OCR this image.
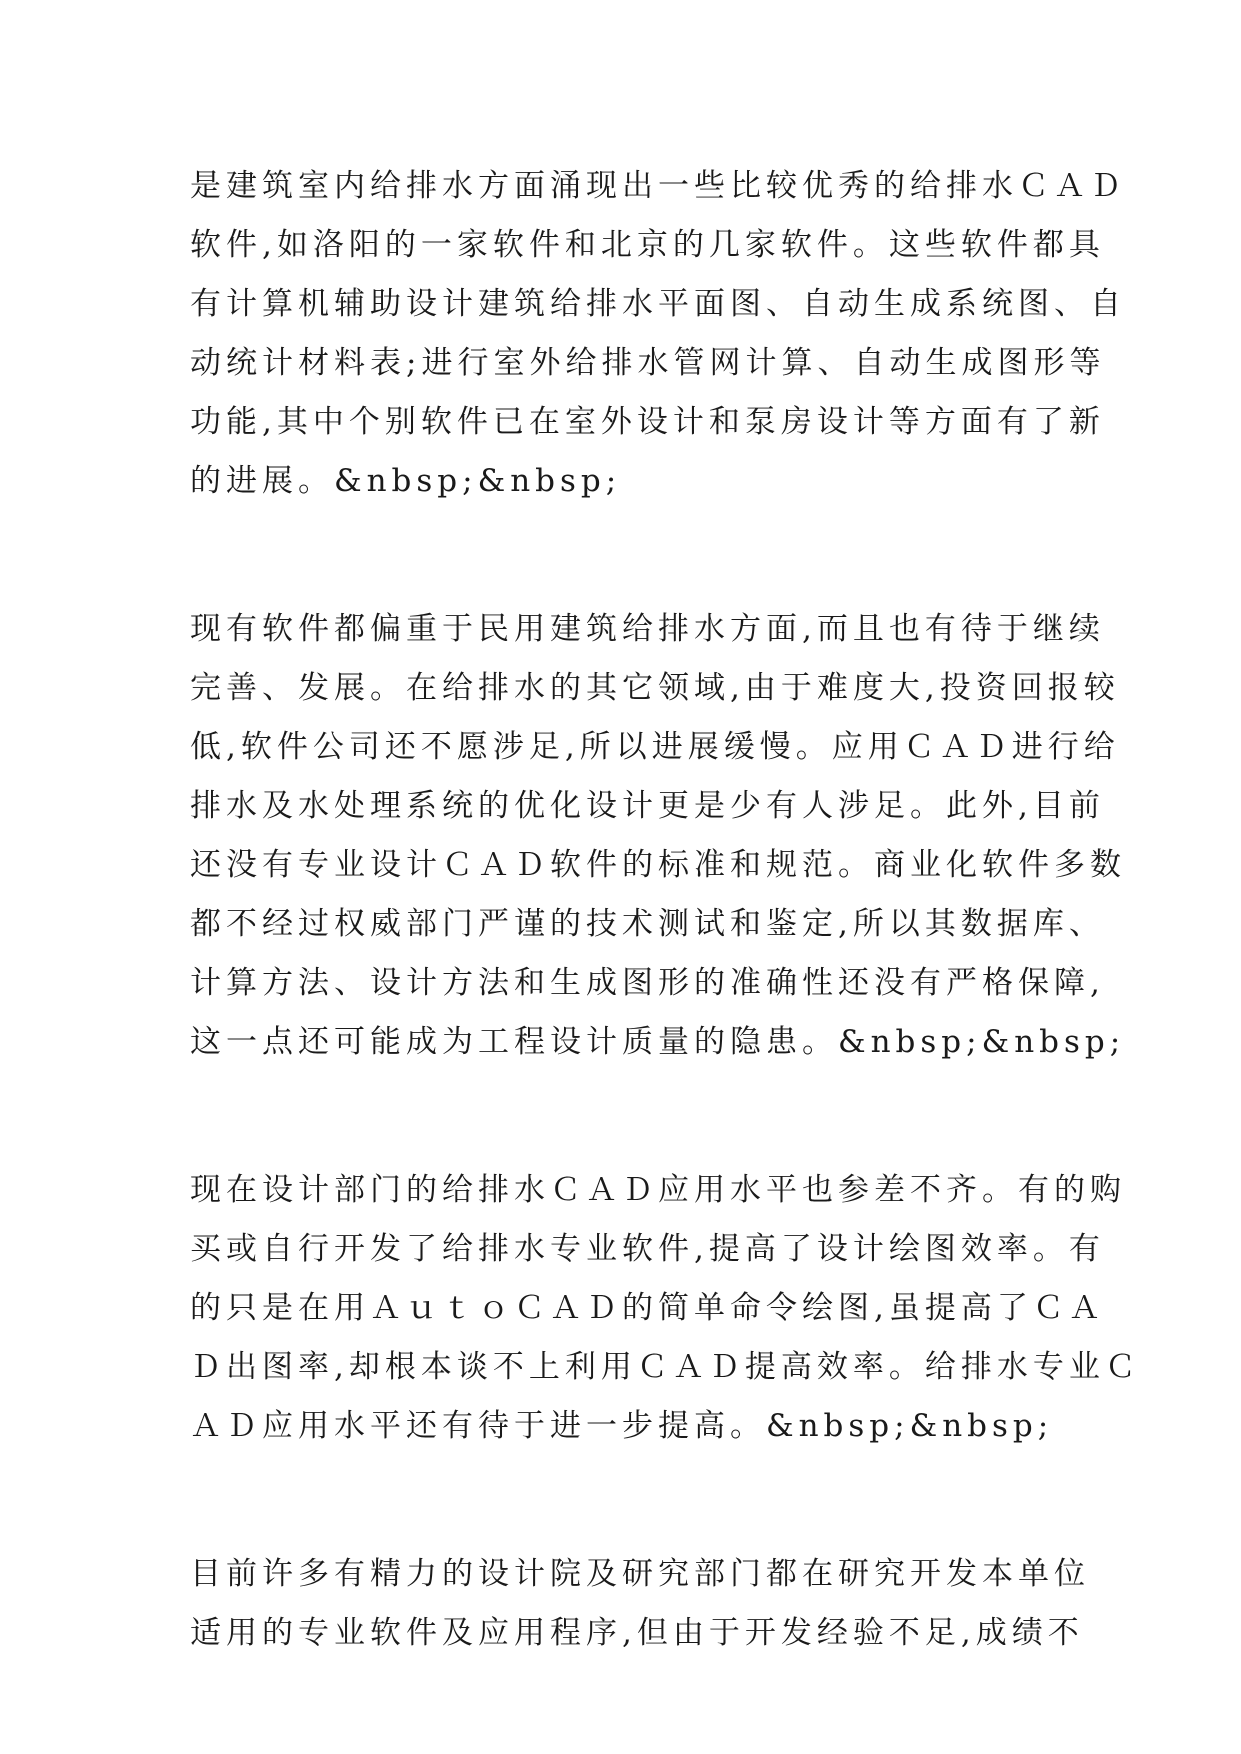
是建筑室内给排水方面涌现出一些比较优秀的给排水ＣＡＤ
软件,如洛阳的一家软件和北京的几家软件。这些软件都具
有计算机辅助设计建筑给排水平面图、自动生成系统图、自
动统计材料表;进行室外给排水管网计算、自动生成图形等
功能,其中个别软件已在室外设计和泵房设计等方面有了新
的进展。&nbsp;&nbsp;
现有软件都偏重于民用建筑给排水方面,而且也有待于继续
完善、发展。在给排水的其它领域,由于难度大,投资回报较
低,软件公司还不愿涉足,所以进展缓慢。应用ＣＡＤ进行给
排水及水处理系统的优化设计更是少有人涉足。此外,目前
还没有专业设计ＣＡＤ软件的标准和规范。商业化软件多数
都不经过权威部门严谨的技术测试和鉴定,所以其数据库、
计算方法、设计方法和生成图形的准确性还没有严格保障,
这一点还可能成为工程设计质量的隐患。&nbsp;&nbsp;
现在设计部门的给排水ＣＡＤ应用水平也参差不齐。有的购
买或自行开发了给排水专业软件,提高了设计绘图效率。有
的只是在用ＡｕｔｏＣＡＤ的简单命令绘图,虽提高了ＣＡ
Ｄ出图率,却根本谈不上利用ＣＡＤ提高效率。给排水专业Ｃ
ＡＤ应用水平还有待于进一步提高。&nbsp;&nbsp;
目前许多有精力的设计院及研究部门都在研究开发本单位
适用的专业软件及应用程序,但由于开发经验不足,成绩不
